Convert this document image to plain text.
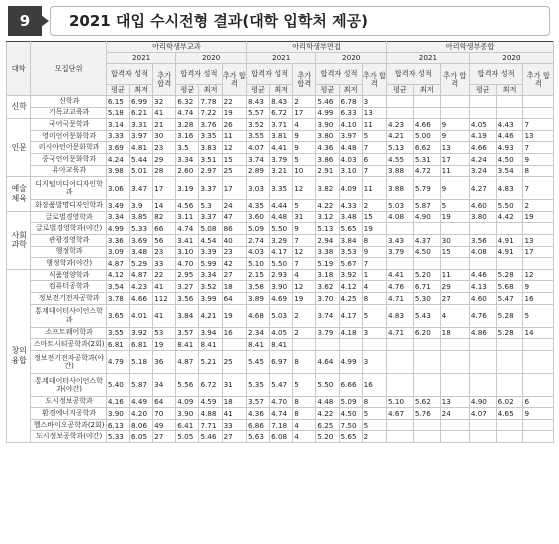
9	2021 대입 수시전형 결과(대학 입학처 제공)
대학	모집단위	아리학생부교과						아리학생부면접						아리학생부종합					
		2021			2020			2021			2020			2021			2020		
		합격자 성적		추가 합격	합격자 성적		추가 합격	합격자 성적		추가 합격	합격자 성적		추가 합격	합격자 성적		추가 합격	합격자 성적		추가 합격
		평균	최저		평균	최저		평균	최저		평균	최저		평균	최저		평균	최저	
신학	신학과	6.15	6.99	32	6.32	7.78	22	8.43	8.43	2	5.46	6.78	3						
	기독교교육과	5.18	6.21	41	4.74	7.22	19	5.57	6.72	17	4.99	6.33	13						
인문	국어국문학과	3.14	3.31	21	3.28	3.76	26	3.52	3.71	4	3.90	4.10	11	4.23	4.66	9	4.05	4.43	7
	영미언어문화학과	3.33	3.97	30	3.16	3.35	11	3.55	3.81	9	3.80	3.97	5	4.21	5.00	9	4.19	4.46	13
	러시아언어문화학과	3.69	4.81	23	3.5	3.83	12	4.07	4.41	9	4.36	4.48	7	5.13	6.62	13	4.66	4.93	7
	중국언어문화학과	4.24	5.44	29	3.34	3.51	15	3.74	3.79	5	3.86	4.03	6	4.55	5.31	17	4.24	4.50	9
	유아교육과	3.98	5.01	28	2.60	2.97	25	2.89	3.21	10	2.91	3.10	7	3.88	4.72	11	3.24	3.54	8
예술 체육	디지털미디어디자인학과	3.06	3.47	17	3.19	3.37	17	3.03	3.35	12	3.82	4.09	11	3.88	5.79	9	4.27	4.83	7
	화장품발명디자인학과	3.49	3.9	14	4.56	5.3	24	4.35	4.44	5	4.22	4.33	2	5.03	5.87	5	4.60	5.50	2
사회 과학	글로벌경영학과	3.34	3.85	82	3.11	3.37	47	3.60	4.48	31	3.12	3.48	15	4.08	4.90	19	3.80	4.42	19
	글로벌경영학과(야간)	4.99	5.33	66	4.74	5.08	86	5.09	5.50	9	5.13	5.65	19						
	관광경영학과	3.36	3.69	56	3.41	4.54	40	2.74	3.29	7	2.94	3.84	8	3.43	4.37	30	3.56	4.91	13
	행정학과	3.09	3.48	23	3.10	3.39	23	4.03	4.17	12	3.38	3.53	9	3.79	4.50	15	4.08	4.91	17
	행정학과(야간)	4.87	5.29	33	4.70	5.99	42	5.10	5.50	7	5.19	5.67	7						
창의 융합	식품영양학과	4.12	4.87	22	2.95	3.34	27	2.15	2.93	4	3.18	3.92	1	4.41	5.20	11	4.46	5.28	12
	컴퓨터공학과	3.54	4.23	41	3.27	3.52	18	3.58	3.90	12	3.62	4.12	4	4.76	6.71	29	4.13	5.68	9
	정보전기전자공학과	3.78	4.66	112	3.56	3.99	64	3.89	4.69	19	3.70	4.25	8	4.71	5.30	27	4.60	5.47	16
	통계데이터사이언스학과	3.65	4.01	41	3.84	4.21	19	4.68	5.03	2	3.74	4.17	5	4.83	5.43	4	4.76	5.28	5
	소프트웨어학과	3.55	3.92	53	3.57	3.94	16	2.34	4.05	2	3.79	4.18	3	4.71	6.20	18	4.86	5.28	14
	스마트시티공학과(2회)	6.81	6.81	19	8.41	8.41		8.41	8.41										
	정보전기전자공학과(야간)	4.79	5.18	36	4.87	5.21	25	5.45	6.97	8	4.64	4.99	3						
	통계데이터사이언스학과(야간)	5.40	5.87	34	5.56	6.72	31	5.35	5.47	5	5.50	6.66	16						
	도시정보공학과	4.16	4.49	64	4.09	4.59	18	3.57	4.70	8	4.48	5.09	8	5.10	5.62	13	4.90	6.02	6
	환경에너지공학과	3.90	4.20	70	3.90	4.88	41	4.36	4.74	8	4.22	4.50	5	4.67	5.76	24	4.07	4.65	9
	헬스바이오공학과(2회)	6.13	8.06	49	6.41	7.71	33	6.86	7.18	4	6.25	7.50	5						
	도시정보공학과(야간)	5.33	6.05	27	5.05	5.46	27	5.63	6.08	4	5.20	5.65	2						
